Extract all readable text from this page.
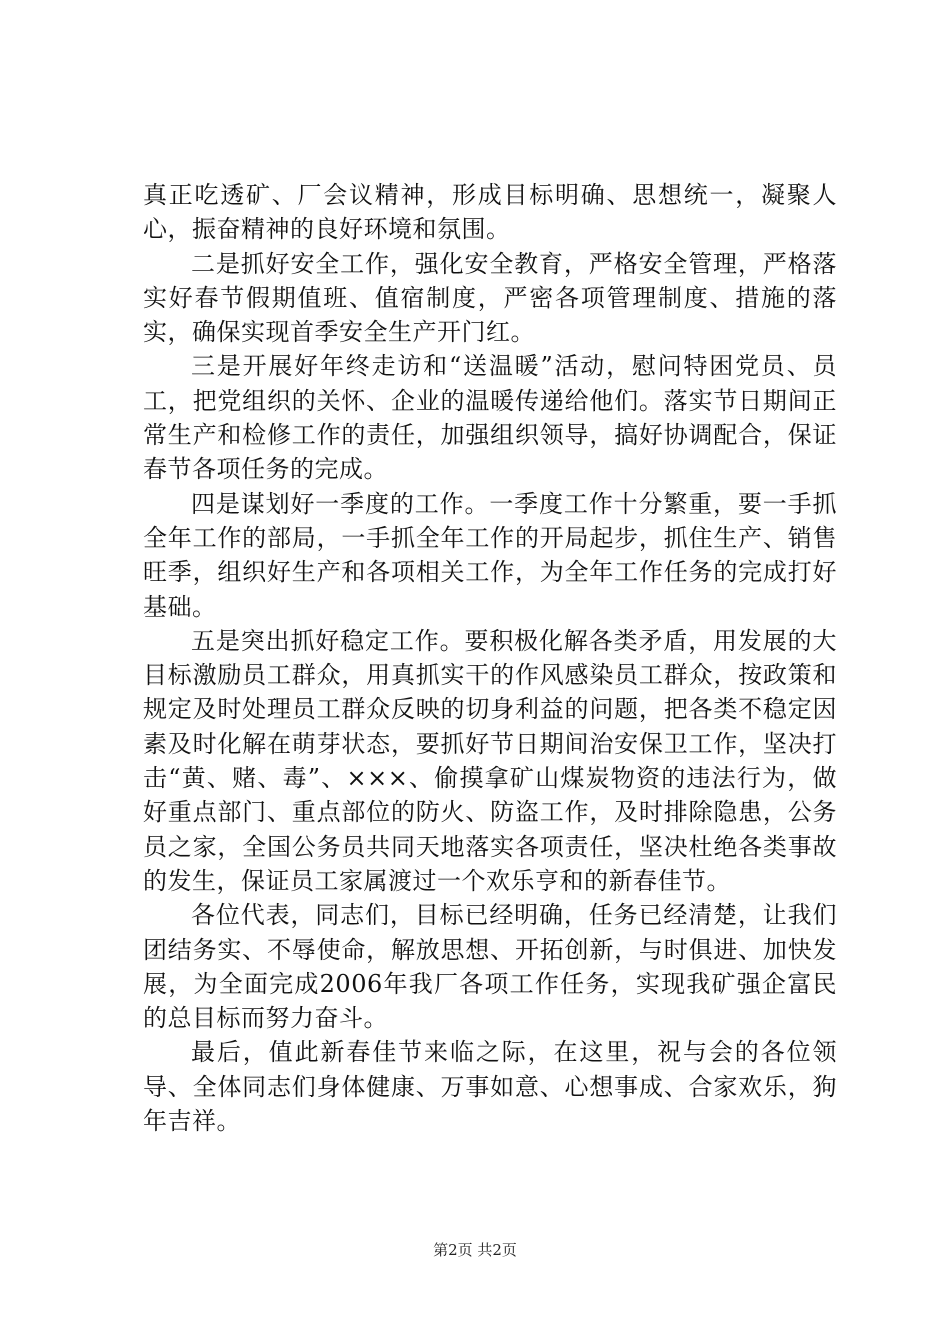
真正吃透矿、厂会议精神，形成目标明确、思想统一，凝聚人心，振奋精神的良好环境和氛围。

二是抓好安全工作，强化安全教育，严格安全管理，严格落实好春节假期值班、值宿制度，严密各项管理制度、措施的落实，确保实现首季安全生产开门红。

三是开展好年终走访和“送温暖”活动，慰问特困党员、员工，把党组织的关怀、企业的温暖传递给他们。落实节日期间正常生产和检修工作的责任，加强组织领导，搞好协调配合，保证春节各项任务的完成。

四是谋划好一季度的工作。一季度工作十分繁重，要一手抓全年工作的部局，一手抓全年工作的开局起步，抓住生产、销售旺季，组织好生产和各项相关工作，为全年工作任务的完成打好基础。

五是突出抓好稳定工作。要积极化解各类矛盾，用发展的大目标激励员工群众，用真抓实干的作风感染员工群众，按政策和规定及时处理员工群众反映的切身利益的问题，把各类不稳定因素及时化解在萌芽状态，要抓好节日期间治安保卫工作，坚决打击“黄、赌、毒”、×××、偷摸拿矿山煤炭物资的违法行为，做好重点部门、重点部位的防火、防盗工作，及时排除隐患，公务员之家，全国公务员共同天地落实各项责任，坚决杜绝各类事故的发生，保证员工家属渡过一个欢乐亨和的新春佳节。

各位代表，同志们，目标已经明确，任务已经清楚，让我们团结务实、不辱使命，解放思想、开拓创新，与时俱进、加快发展，为全面完成2006年我厂各项工作任务，实现我矿强企富民的总目标而努力奋斗。

最后，值此新春佳节来临之际，在这里，祝与会的各位领导、全体同志们身体健康、万事如意、心想事成、合家欢乐，狗年吉祥。

第2页 共2页
